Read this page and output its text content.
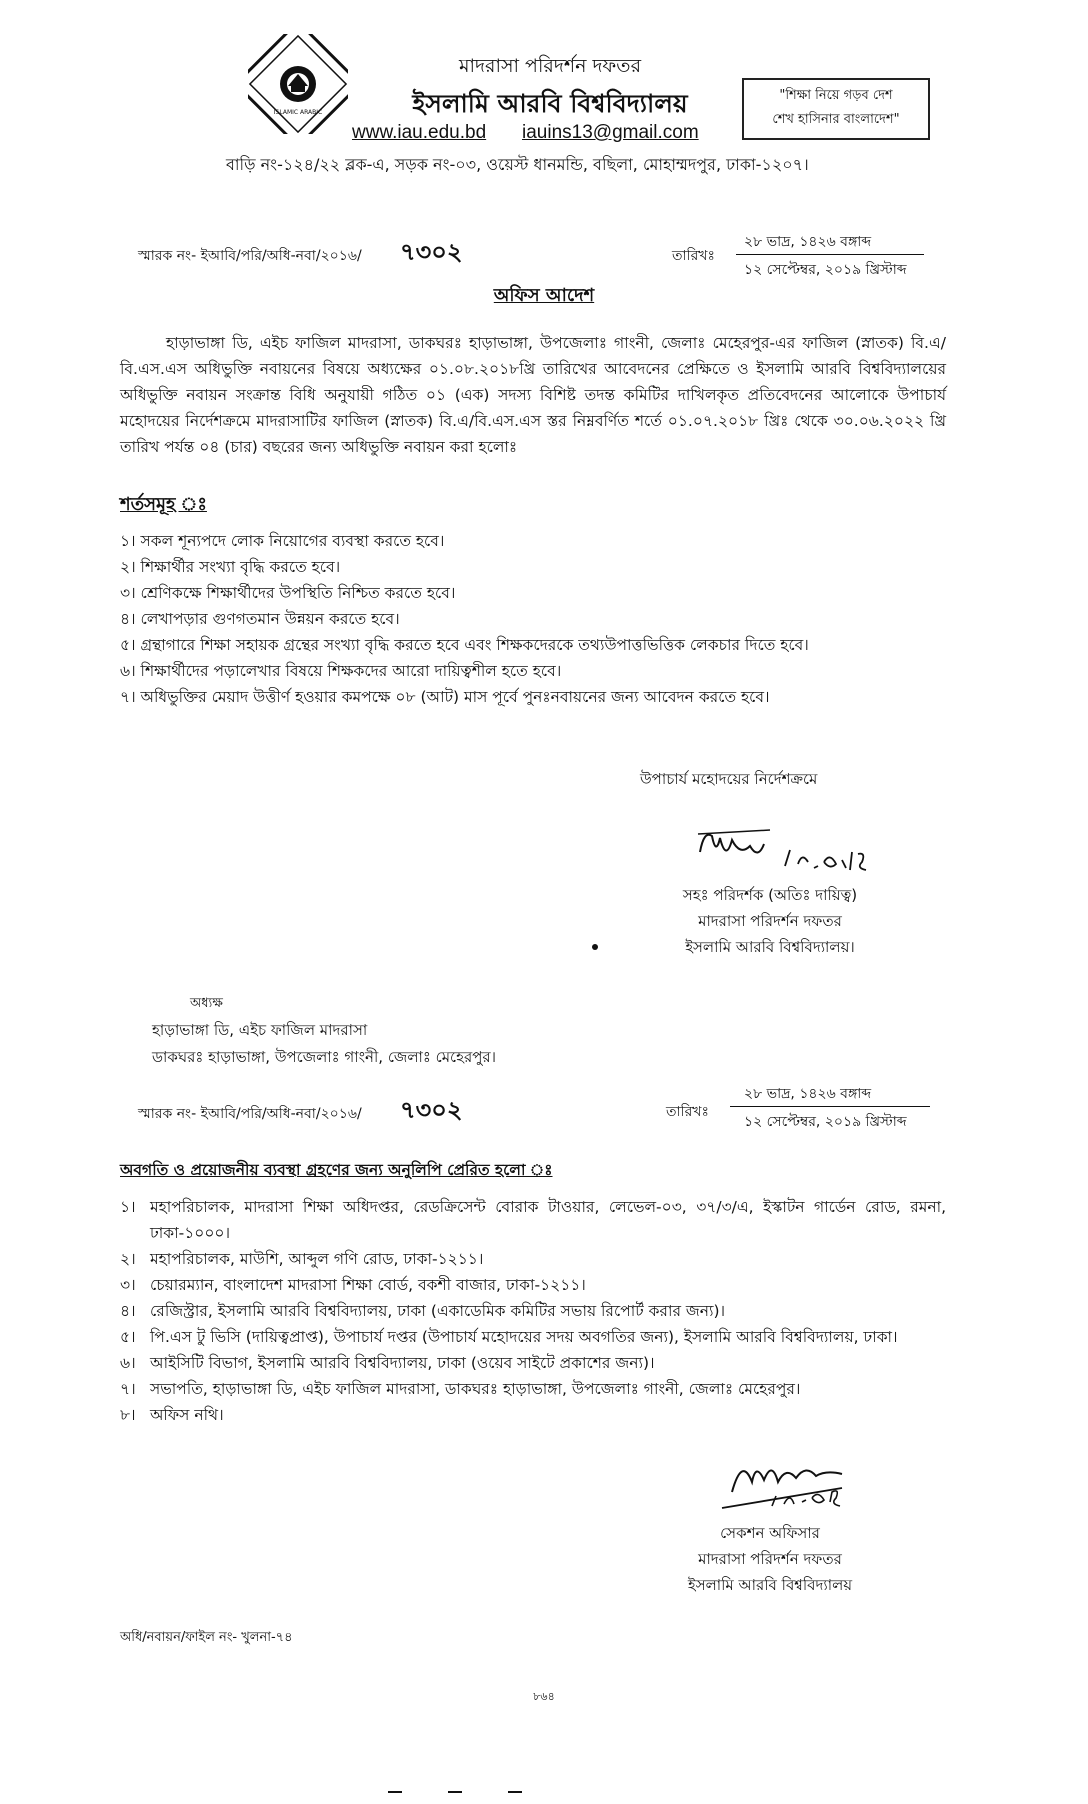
ISLAMIC ARABIC
মাদরাসা পরিদর্শন দফতর
ইসলামি আরবি বিশ্ববিদ্যালয়
www.iau.edu.bd iauins13@gmail.com
বাড়ি নং-১২৪/২২ ব্লক-এ, সড়ক নং-০৩, ওয়েস্ট ধানমন্ডি, বছিলা, মোহাম্মদপুর, ঢাকা-১২০৭।
"শিক্ষা নিয়ে গড়ব দেশ
শেখ হাসিনার বাংলাদেশ"
স্মারক নং- ইআবি/পরি/অধি-নবা/২০১৬/ ৭৩০২	তারিখঃ
২৮ ভাদ্র, ১৪২৬ বঙ্গাব্দ
১২ সেপ্টেম্বর, ২০১৯ খ্রিস্টাব্দ
অফিস আদেশ
হাড়াভাঙ্গা ডি, এইচ ফাজিল মাদরাসা, ডাকঘরঃ হাড়াভাঙ্গা, উপজেলাঃ গাংনী, জেলাঃ মেহেরপুর-এর ফাজিল (স্নাতক) বি.এ/বি.এস.এস অধিভুক্তি নবায়নের বিষয়ে অধ্যক্ষের ০১.০৮.২০১৮খ্রি তারিখের আবেদনের প্রেক্ষিতে ও ইসলামি আরবি বিশ্ববিদ্যালয়ের অধিভুক্তি নবায়ন সংক্রান্ত বিধি অনুযায়ী গঠিত ০১ (এক) সদস্য বিশিষ্ট তদন্ত কমিটির দাখিলকৃত প্রতিবেদনের আলোকে উপাচার্য মহোদয়ের নির্দেশক্রমে মাদরাসাটির ফাজিল (স্নাতক) বি.এ/বি.এস.এস স্তর নিম্নবর্ণিত শর্তে ০১.০৭.২০১৮ খ্রিঃ থেকে ৩০.০৬.২০২২ খ্রি তারিখ পর্যন্ত ০৪ (চার) বছরের জন্য অধিভুক্তি নবায়ন করা হলোঃ
শর্তসমূহ ঃ
১। সকল শূন্যপদে লোক নিয়োগের ব্যবস্থা করতে হবে।
২। শিক্ষার্থীর সংখ্যা বৃদ্ধি করতে হবে।
৩। শ্রেণিকক্ষে শিক্ষার্থীদের উপস্থিতি নিশ্চিত করতে হবে।
৪। লেখাপড়ার গুণগতমান উন্নয়ন করতে হবে।
৫। গ্রন্থাগারে শিক্ষা সহায়ক গ্রন্থের সংখ্যা বৃদ্ধি করতে হবে এবং শিক্ষকদেরকে তথ্যউপাত্তভিত্তিক লেকচার দিতে হবে।
৬। শিক্ষার্থীদের পড়ালেখার বিষয়ে শিক্ষকদের আরো দায়িত্বশীল হতে হবে।
৭। অধিভুক্তির মেয়াদ উত্তীর্ণ হওয়ার কমপক্ষে ০৮ (আট) মাস পূর্বে পুনঃনবায়নের জন্য আবেদন করতে হবে।
উপাচার্য মহোদয়ের নির্দেশক্রমে
সহঃ পরিদর্শক (অতিঃ দায়িত্ব)
মাদরাসা পরিদর্শন দফতর
ইসলামি আরবি বিশ্ববিদ্যালয়।
অধ্যক্ষ
হাড়াভাঙ্গা ডি, এইচ ফাজিল মাদরাসা
ডাকঘরঃ হাড়াভাঙ্গা, উপজেলাঃ গাংনী, জেলাঃ মেহেরপুর।
স্মারক নং- ইআবি/পরি/অধি-নবা/২০১৬/ ৭৩০২	তারিখঃ
২৮ ভাদ্র, ১৪২৬ বঙ্গাব্দ
১২ সেপ্টেম্বর, ২০১৯ খ্রিস্টাব্দ
অবগতি ও প্রয়োজনীয় ব্যবস্থা গ্রহণের জন্য অনুলিপি প্রেরিত হলো ঃ
১। মহাপরিচালক, মাদরাসা শিক্ষা অধিদপ্তর, রেডক্রিসেন্ট বোরাক টাওয়ার, লেভেল-০৩, ৩৭/৩/এ, ইস্কাটন গার্ডেন রোড, রমনা, ঢাকা-১০০০।
২। মহাপরিচালক, মাউশি, আব্দুল গণি রোড, ঢাকা-১২১১।
৩। চেয়ারম্যান, বাংলাদেশ মাদরাসা শিক্ষা বোর্ড, বকশী বাজার, ঢাকা-১২১১।
৪। রেজিস্ট্রার, ইসলামি আরবি বিশ্ববিদ্যালয়, ঢাকা (একাডেমিক কমিটির সভায় রিপোর্ট করার জন্য)।
৫। পি.এস টু ভিসি (দায়িত্বপ্রাপ্ত), উপাচার্য দপ্তর (উপাচার্য মহোদয়ের সদয় অবগতির জন্য), ইসলামি আরবি বিশ্ববিদ্যালয়, ঢাকা।
৬। আইসিটি বিভাগ, ইসলামি আরবি বিশ্ববিদ্যালয়, ঢাকা (ওয়েব সাইটে প্রকাশের জন্য)।
৭। সভাপতি, হাড়াভাঙ্গা ডি, এইচ ফাজিল মাদরাসা, ডাকঘরঃ হাড়াভাঙ্গা, উপজেলাঃ গাংনী, জেলাঃ মেহেরপুর।
৮। অফিস নথি।
সেকশন অফিসার
মাদরাসা পরিদর্শন দফতর
ইসলামি আরবি বিশ্ববিদ্যালয়
অধি/নবায়ন/ফাইল নং- খুলনা-৭৪
৮৬৪
